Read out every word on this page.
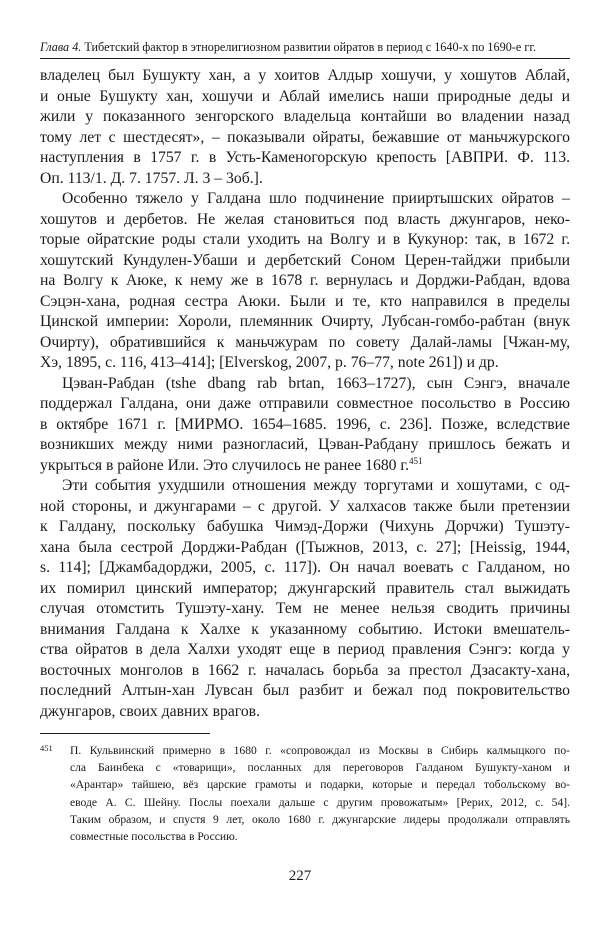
Глава 4. Тибетский фактор в этнорелигиозном развитии ойратов в период с 1640-х по 1690-е гг.
владелец был Бушукту хан, а у хоитов Алдыр хошучи, у хошутов Аблай,
и оные Бушукту хан, хошучи и Аблай имелись наши природные деды и
жили у показанного зенгорского владельца контайши во владении назад
тому лет с шестдесят», – показывали ойраты, бежавшие от маньчжурского
наступления в 1757 г. в Усть-Каменогорскую крепость [АВПРИ. Ф. 113.
Оп. 113/1. Д. 7. 1757. Л. 3 – 3об.].
Особенно тяжело у Галдана шло подчинение прииртышских ойратов –
хошутов и дербетов. Не желая становиться под власть джунгаров, неко-
торые ойратские роды стали уходить на Волгу и в Кукунор: так, в 1672 г.
хошутский Кундулен-Убаши и дербетский Соном Церен-тайджи прибыли
на Волгу к Аюке, к нему же в 1678 г. вернулась и Дорджи-Рабдан, вдова
Сэцэн-хана, родная сестра Аюки. Были и те, кто направился в пределы
Цинской империи: Хороли, племянник Очирту, Лубсан-гомбо-рабтан (внук
Очирту), обратившийся к маньчжурам по совету Далай-ламы [Чжан-му,
Хэ, 1895, с. 116, 413–414]; [Elverskog, 2007, p. 76–77, note 261]) и др.
Цэван-Рабдан (tshe dbang rab brtan, 1663–1727), сын Сэнгэ, вначале
поддержал Галдана, они даже отправили совместное посольство в Россию
в октябре 1671 г. [МИРМО. 1654–1685. 1996, с. 236]. Позже, вследствие
возникших между ними разногласий, Цэван-Рабдану пришлось бежать и
укрыться в районе Или. Это случилось не ранее 1680 г.$^{451}$
Эти события ухудшили отношения между торгутами и хошутами, с од-
ной стороны, и джунгарами – с другой. У халхасов также были претензии
к Галдану, поскольку бабушка Чимэд-Доржи (Чихунь Дорчжи) Тушэту-
хана была сестрой Дорджи-Рабдан ([Тыжнов, 2013, с. 27]; [Heissig, 1944,
s. 114]; [Джамбадорджи, 2005, с. 117]). Он начал воевать с Галданом, но
их помирил цинский император; джунгарский правитель стал выжидать
случая отомстить Тушэту-хану. Тем не менее нельзя сводить причины
внимания Галдана к Халхе к указанному событию. Истоки вмешатель-
ства ойратов в дела Халхи уходят еще в период правления Сэнгэ: когда у
восточных монголов в 1662 г. началась борьба за престол Дзасакту-хана,
последний Алтын-хан Лувсан был разбит и бежал под покровительство
джунгаров, своих давних врагов.
451 П. Кульвинский примерно в 1680 г. «сопровождал из Москвы в Сибирь калмыцкого по-
сла Баинбека с «товарищи», посланных для переговоров Галданом Бушукту-ханом и
«Арантар» тайшею, вёз царские грамоты и подарки, которые и передал тобольскому во-
еводе А. С. Шейну. Послы поехали дальше с другим провожатым» [Рерих, 2012, с. 54].
Таким образом, и спустя 9 лет, около 1680 г. джунгарские лидеры продолжали отправлять
совместные посольства в Россию.
227
